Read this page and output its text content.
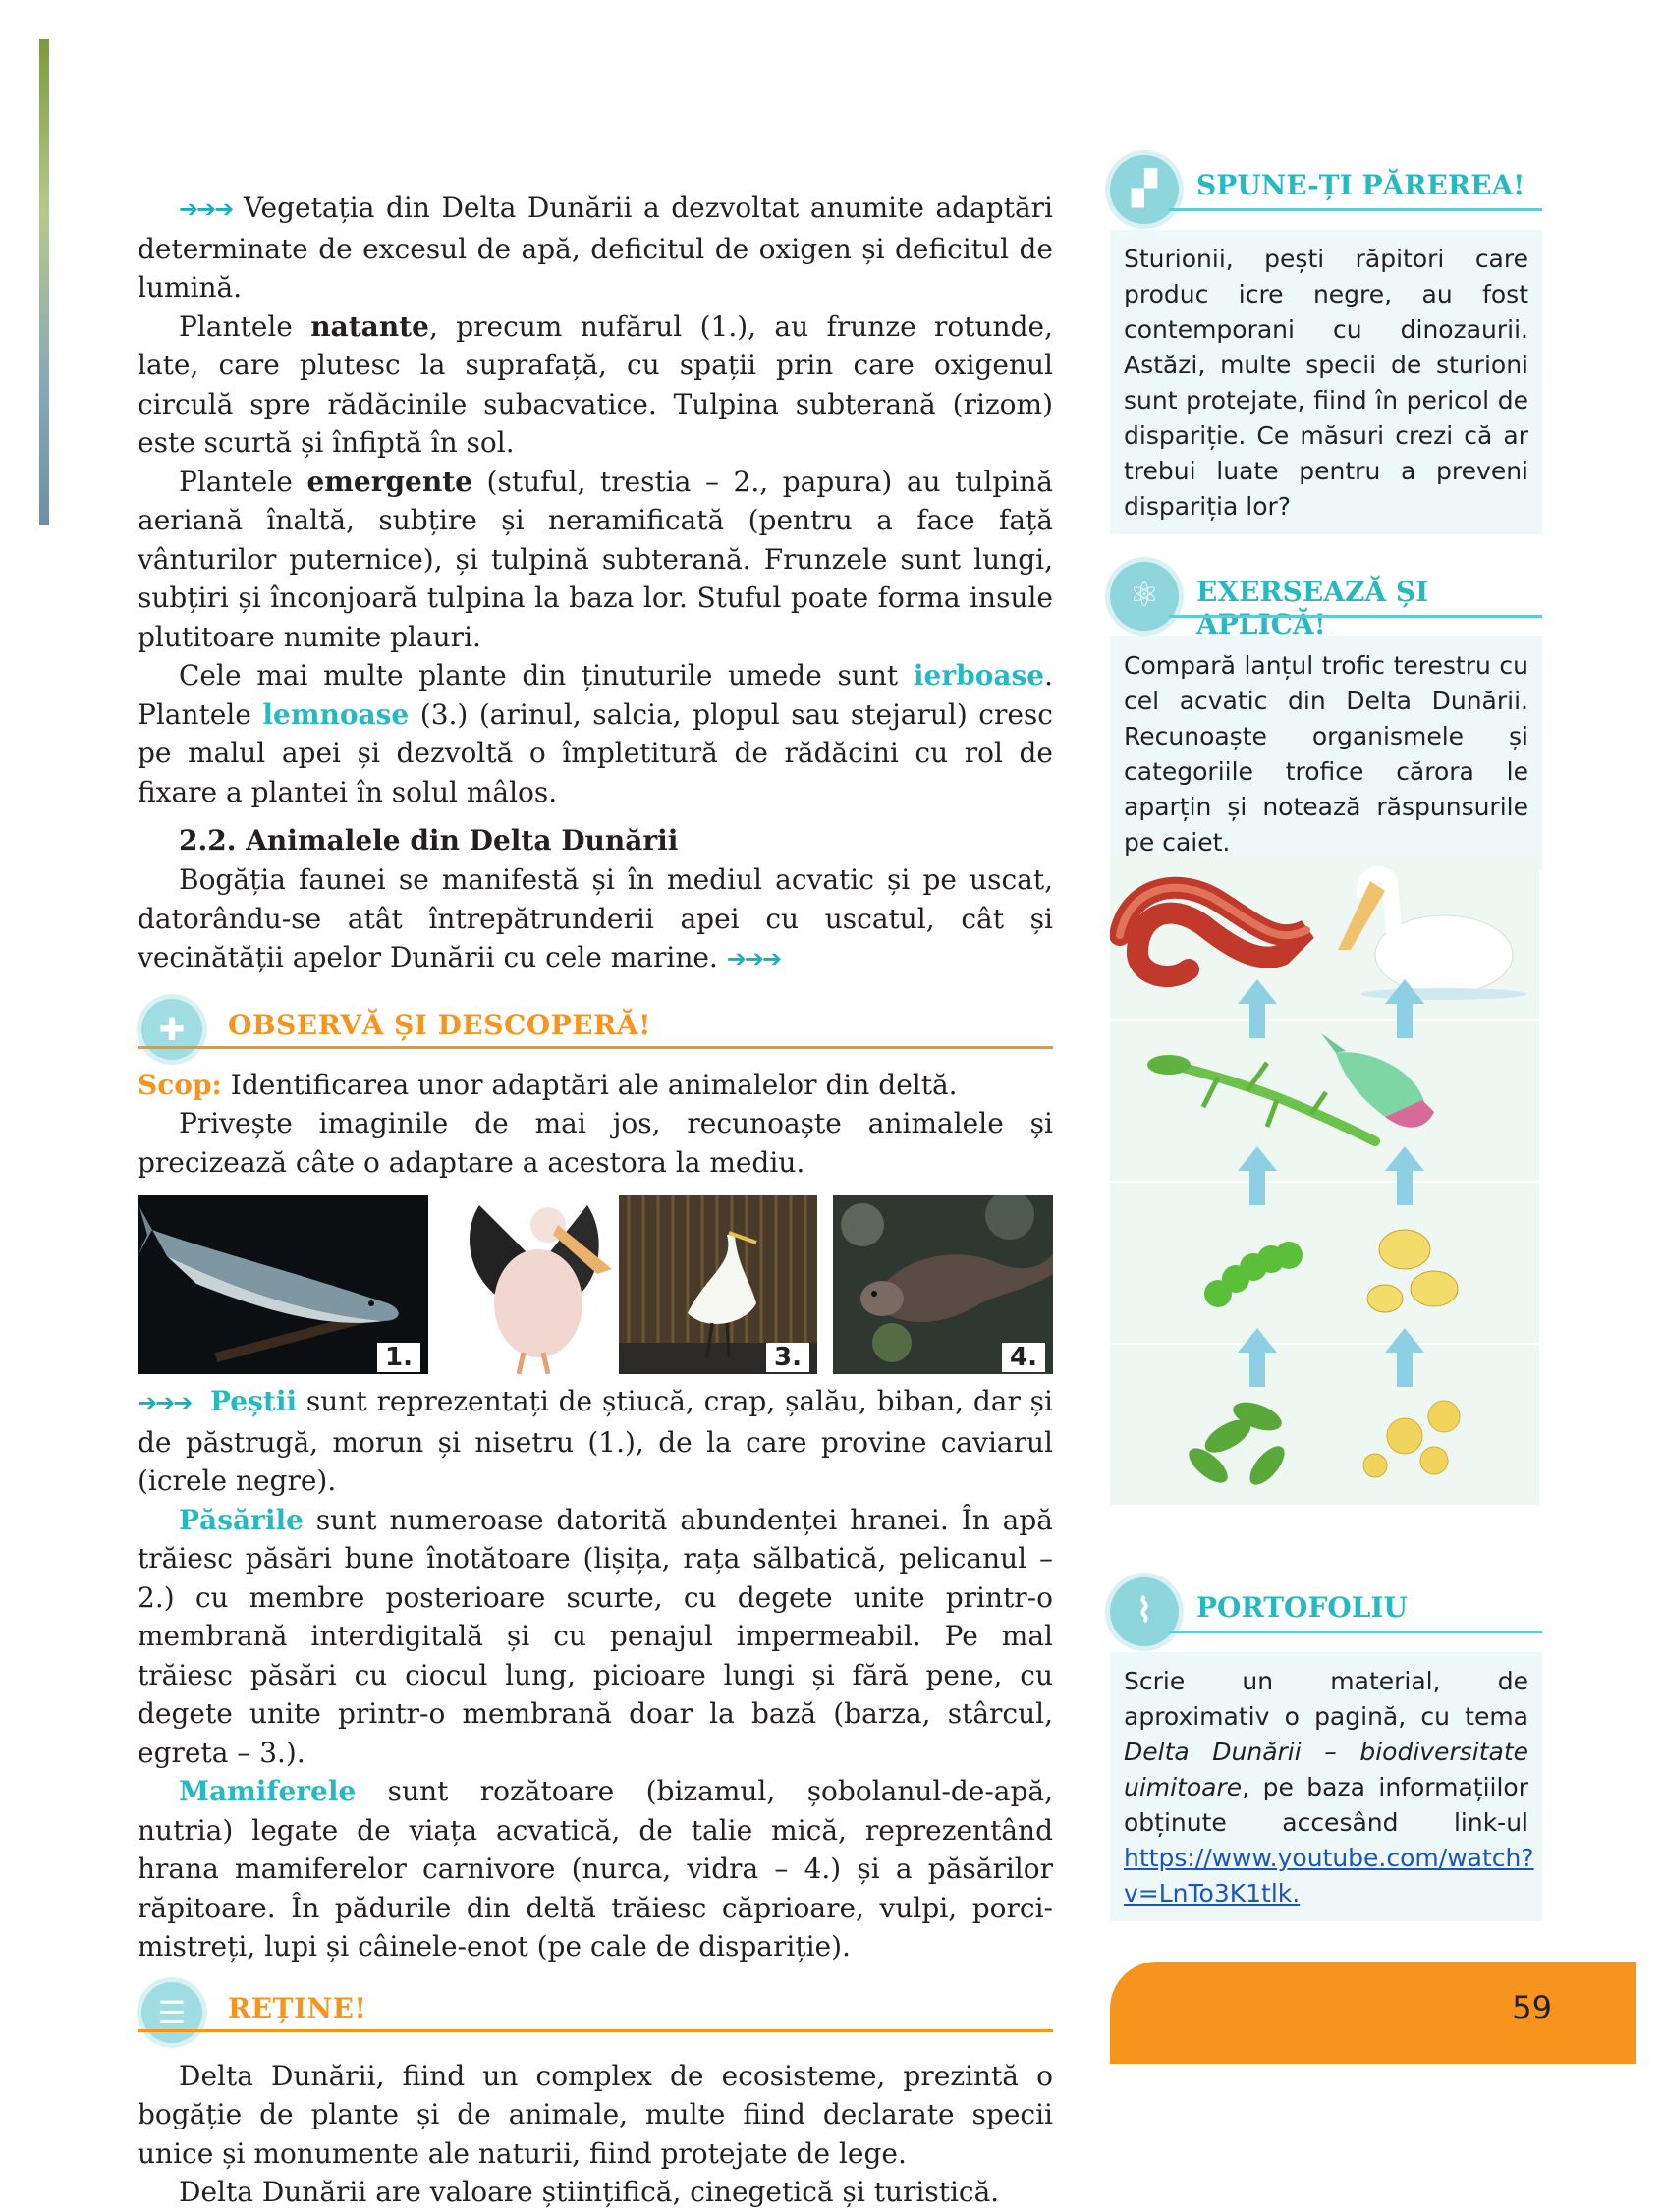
➔➔➔ Vegetația din Delta Dunării a dezvoltat anumite adaptări determinate de excesul de apă, deficitul de oxigen și deficitul de lumină.

Plantele natante, precum nufărul (1.), au frunze rotunde, late, care plutesc la suprafață, cu spații prin care oxigenul circulă spre rădăcinile subacvatice. Tulpina subterană (rizom) este scurtă și înfiptă în sol.

Plantele emergente (stuful, trestia – 2., papura) au tulpină aeriană înaltă, subțire și neramificată (pentru a face față vânturilor puternice), și tulpină subterană. Frunzele sunt lungi, subțiri și înconjoară tulpina la baza lor. Stuful poate forma insule plutitoare numite plauri.

Cele mai multe plante din ținuturile umede sunt ierboase. Plantele lemnoase (3.) (arinul, salcia, plopul sau stejarul) cresc pe malul apei și dezvoltă o împletitură de rădăcini cu rol de fixare a plantei în solul mâlos.

2.2. Animalele din Delta Dunării

Bogăția faunei se manifestă și în mediul acvatic și pe uscat, datorându-se atât întrepătrunderii apei cu uscatul, cât și vecinătății apelor Dunării cu cele marine. ➔➔➔

✚	OBSERVĂ ȘI DESCOPERĂ!

Scop: Identificarea unor adaptări ale animalelor din deltă.

Privește imaginile de mai jos, recunoaște animalele și precizează câte o adaptare a acestora la mediu.

1.	3.	4.

➔➔➔ Peștii sunt reprezentați de știucă, crap, șalău, biban, dar și de păstrugă, morun și nisetru (1.), de la care provine caviarul (icrele negre).

Păsările sunt numeroase datorită abundenței hranei. În apă trăiesc păsări bune înotătoare (lișița, rața sălbatică, pelicanul – 2.) cu membre posterioare scurte, cu degete unite printr-o membrană interdigitală și cu penajul impermeabil. Pe mal trăiesc păsări cu ciocul lung, picioare lungi și fără pene, cu degete unite printr-o membrană doar la bază (barza, stârcul, egreta – 3.).

Mamiferele sunt rozătoare (bizamul, șobolanul-de-apă, nutria) legate de viața acvatică, de talie mică, reprezentând hrana mamiferelor carnivore (nurca, vidra – 4.) și a păsărilor răpitoare. În pădurile din deltă trăiesc căprioare, vulpi, porci-mistreți, lupi și câinele-enot (pe cale de dispariție).

☰	REȚINE!

Delta Dunării, fiind un complex de ecosisteme, prezintă o bogăție de plante și de animale, multe fiind declarate specii unice și monumente ale naturii, fiind protejate de lege.

Delta Dunării are valoare științifică, cinegetică și turistică.

▞	SPUNE-ȚI PĂREREA!
Sturionii, pești răpitori care produc icre negre, au fost contemporani cu dinozaurii. Astăzi, multe specii de sturioni sunt protejate, fiind în pericol de dispariție. Ce măsuri crezi că ar trebui luate pentru a preveni dispariția lor?
⚛	EXERSEAZĂ ȘI APLICĂ!
Compară lanțul trofic terestru cu cel acvatic din Delta Dunării. Recunoaște organismele și categoriile trofice cărora le aparțin și notează răspunsurile pe caiet.
⌇	PORTOFOLIU
Scrie un material, de aproximativ o pagină, cu tema Delta Dunării – biodiversitate uimitoare, pe baza informațiilor obținute accesând link-ul https://www.youtube.com/watch?v=LnTo3K1tlk.
59
